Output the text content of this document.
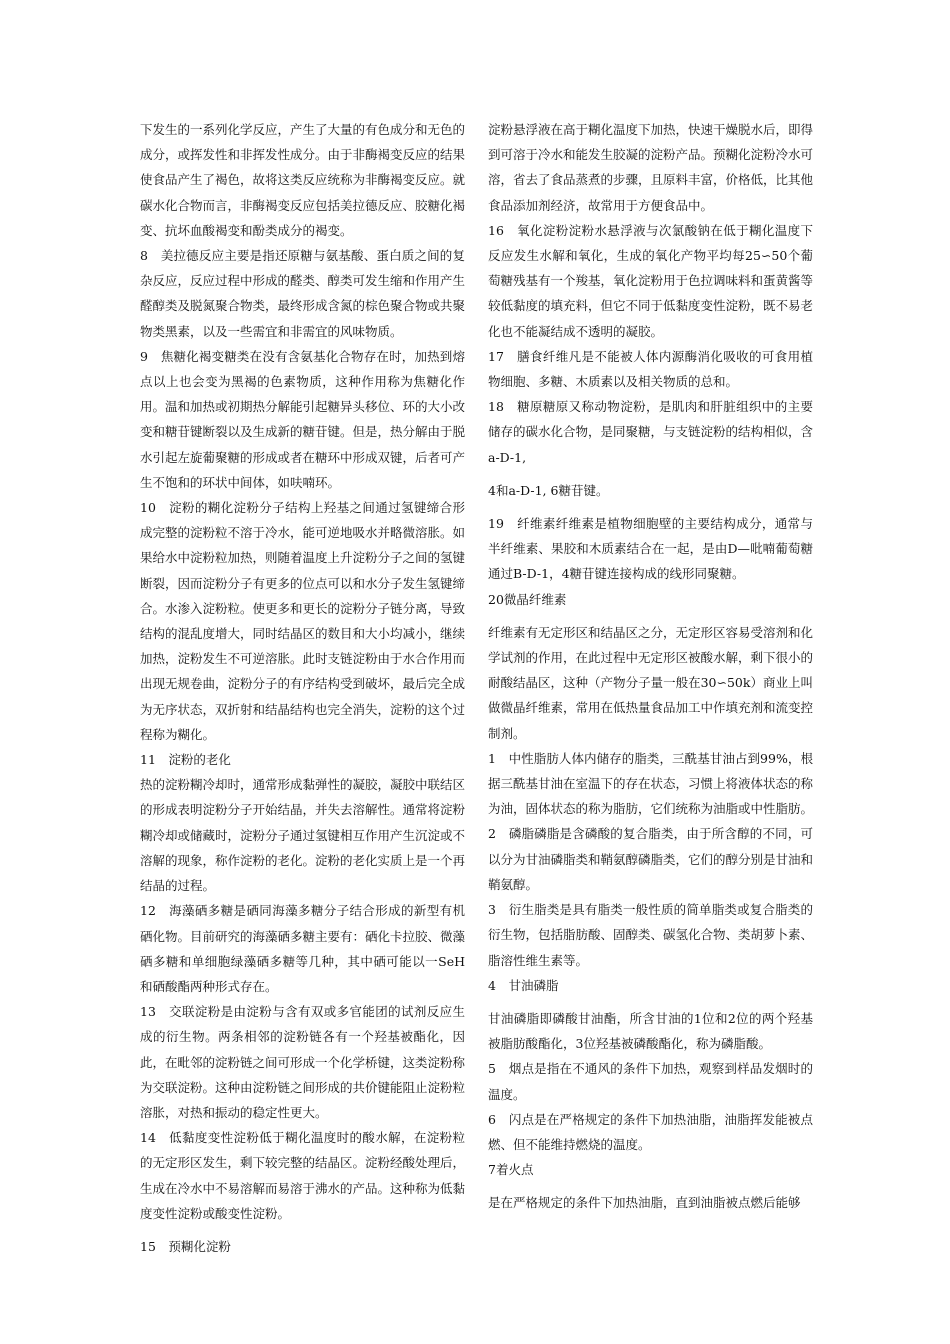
下发生的一系列化学反应，产生了大量的有色成分和无色的成分，或挥发性和非挥发性成分。由于非酶褐变反应的结果使食品产生了褐色，故将这类反应统称为非酶褐变反应。就碳水化合物而言，非酶褐变反应包括美拉德反应、胶糖化褐变、抗坏血酸褐变和酚类成分的褐变。

8　美拉德反应主要是指还原糖与氨基酸、蛋白质之间的复杂反应，反应过程中形成的醛类、醇类可发生缩和作用产生醛醇类及脱氮聚合物类，最终形成含氮的棕色聚合物或共聚物类黑素，以及一些需宜和非需宜的风味物质。

9　焦糖化褐变糖类在没有含氨基化合物存在时，加热到熔点以上也会变为黑褐的色素物质，这种作用称为焦糖化作用。温和加热或初期热分解能引起糖异头移位、环的大小改变和糖苷键断裂以及生成新的糖苷键。但是，热分解由于脱水引起左旋葡聚糖的形成或者在糖环中形成双键，后者可产生不饱和的环状中间体，如呋喃环。

10　淀粉的糊化淀粉分子结构上羟基之间通过氢键缔合形成完整的淀粉粒不溶于冷水，能可逆地吸水并略微溶胀。如果给水中淀粉粒加热，则随着温度上升淀粉分子之间的氢键断裂，因而淀粉分子有更多的位点可以和水分子发生氢键缔合。水渗入淀粉粒。使更多和更长的淀粉分子链分离，导致结构的混乱度增大，同时结晶区的数目和大小均减小，继续加热，淀粉发生不可逆溶胀。此时支链淀粉由于水合作用而出现无规卷曲，淀粉分子的有序结构受到破坏，最后完全成为无序状态，双折射和结晶结构也完全消失，淀粉的这个过程称为糊化。

11　淀粉的老化

热的淀粉糊冷却时，通常形成黏弹性的凝胶，凝胶中联结区的形成表明淀粉分子开始结晶，并失去溶解性。通常将淀粉糊冷却或储藏时，淀粉分子通过氢键相互作用产生沉淀或不溶解的现象，称作淀粉的老化。淀粉的老化实质上是一个再结晶的过程。

12　海藻硒多糖是硒同海藻多糖分子结合形成的新型有机硒化物。目前研究的海藻硒多糖主要有：硒化卡拉胶、微藻硒多糖和单细胞绿藻硒多糖等几种，其中硒可能以一SeH和硒酸酯两种形式存在。

13　交联淀粉是由淀粉与含有双或多官能团的试剂反应生成的衍生物。两条相邻的淀粉链各有一个羟基被酯化，因此，在毗邻的淀粉链之间可形成一个化学桥键，这类淀粉称为交联淀粉。这种由淀粉链之间形成的共价键能阻止淀粉粒溶胀，对热和振动的稳定性更大。

14　低黏度变性淀粉低于糊化温度时的酸水解，在淀粉粒的无定形区发生，剩下较完整的结晶区。淀粉经酸处理后，生成在冷水中不易溶解而易溶于沸水的产品。这种称为低黏度变性淀粉或酸变性淀粉。

15　预糊化淀粉

淀粉悬浮液在高于糊化温度下加热，快速干燥脱水后，即得到可溶于冷水和能发生胶凝的淀粉产品。预糊化淀粉冷水可溶，省去了食品蒸煮的步骤，且原料丰富，价格低，比其他食品添加剂经济，故常用于方便食品中。

16　氧化淀粉淀粉水悬浮液与次氯酸钠在低于糊化温度下反应发生水解和氧化，生成的氧化产物平均每25∽50个葡萄糖残基有一个羧基，氧化淀粉用于色拉调味料和蛋黄酱等较低黏度的填充料，但它不同于低黏度变性淀粉，既不易老化也不能凝结成不透明的凝胶。

17　膳食纤维凡是不能被人体内源酶消化吸收的可食用植物细胞、多糖、木质素以及相关物质的总和。

18　糖原糖原又称动物淀粉，是肌肉和肝脏组织中的主要储存的碳水化合物，是同聚糖，与支链淀粉的结构相似，含a-D-1,

4和a-D-1, 6糖苷键。

19　纤维素纤维素是植物细胞壁的主要结构成分，通常与半纤维素、果胶和木质素结合在一起，是由D—吡喃葡萄糖通过B-D-1，4糖苷键连接构成的线形同聚糖。

20微晶纤维素

纤维素有无定形区和结晶区之分，无定形区容易受溶剂和化学试剂的作用，在此过程中无定形区被酸水解，剩下很小的耐酸结晶区，这种（产物分子量一般在30∽50k）商业上叫做微晶纤维素，常用在低热量食品加工中作填充剂和流变控制剂。

1　中性脂肪人体内储存的脂类，三酰基甘油占到99%，根据三酰基甘油在室温下的存在状态，习惯上将液体状态的称为油，固体状态的称为脂肪，它们统称为油脂或中性脂肪。

2　磷脂磷脂是含磷酸的复合脂类，由于所含醇的不同，可以分为甘油磷脂类和鞘氨醇磷脂类，它们的醇分别是甘油和鞘氨醇。

3　衍生脂类是具有脂类一般性质的简单脂类或复合脂类的衍生物，包括脂肪酸、固醇类、碳氢化合物、类胡萝卜素、脂溶性维生素等。

4　甘油磷脂

甘油磷脂即磷酸甘油酯，所含甘油的1位和2位的两个羟基被脂肪酸酯化，3位羟基被磷酸酯化，称为磷脂酸。

5　烟点是指在不通风的条件下加热，观察到样品发烟时的温度。

6　闪点是在严格规定的条件下加热油脂，油脂挥发能被点燃、但不能维持燃烧的温度。

7着火点

是在严格规定的条件下加热油脂，直到油脂被点燃后能够
